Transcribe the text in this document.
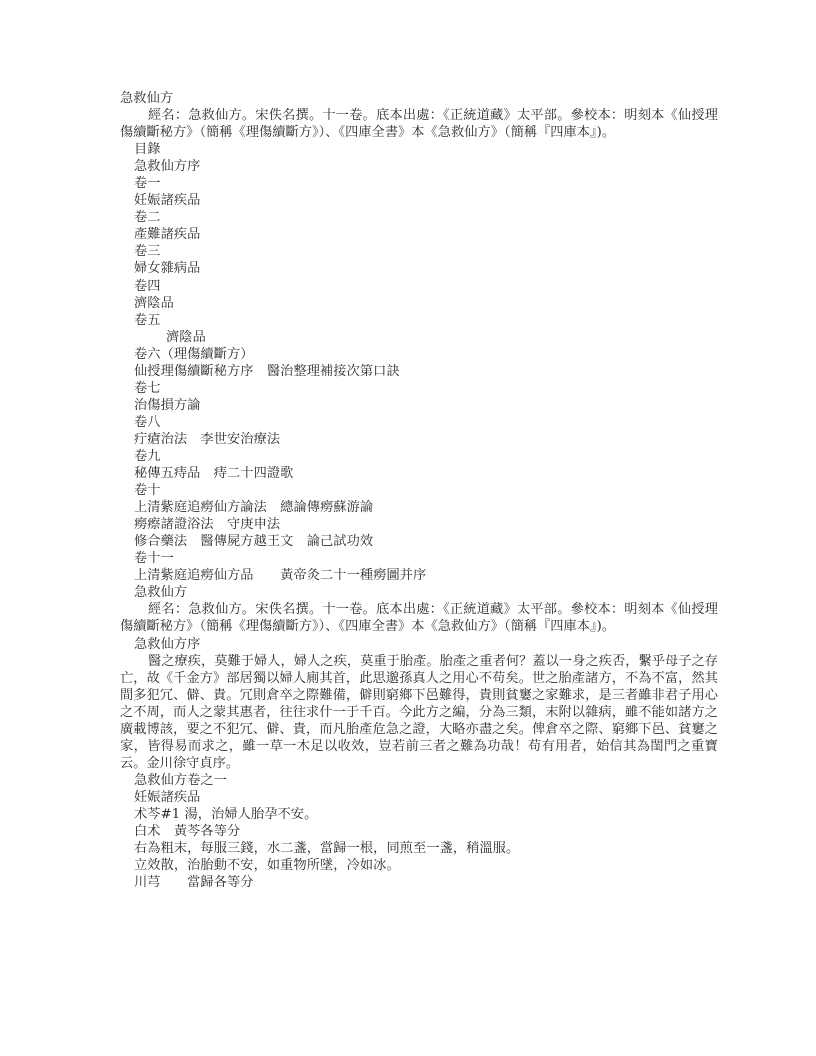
急救仙方
經名：急救仙方。宋佚名撰。十一卷。底本出處：《正統道藏》太平部。參校本：明刻本《仙授理傷續斷秘方》（簡稱《理傷續斷方》）、《四庫全書》本《急救仙方》（簡稱『四庫本』)。
目錄
急救仙方序
卷一
妊娠諸疾品
卷二
產難諸疾品
卷三
婦女雜病品
卷四
濟陰品
卷五
濟陰品
卷六（理傷續斷方）
仙授理傷續斷秘方序　醫治整理補接次第口訣
卷七
治傷損方論
卷八
疔瘡治法　李世安治療法
卷九
秘傳五痔品　痔二十四證歌
卷十
上清紫庭追癆仙方論法　總論傳癆蘇游論
癆瘵諸證浴法　守庚申法
修合藥法　醫傳屍方越王文　論己試功效
卷十一
上清紫庭追癆仙方品　　黃帝灸二十一種癆圖并序
急救仙方
經名：急救仙方。宋佚名撰。十一卷。底本出處：《正統道藏》太平部。參校本：明刻本《仙授理傷續斷秘方》（簡稱《理傷續斷方》）、《四庫全書》本《急救仙方》（簡稱『四庫本』)。
急救仙方序
醫之療疾，莫難于婦人，婦人之疾，莫重于胎產。胎產之重者何？蓋以一身之疾否，繫乎母子之存亡，故《千金方》部居獨以婦人廁其首，此思邈孫真人之用心不苟矣。世之胎產諸方，不為不富，然其間多犯冗、僻、貴。冗則倉卒之際難備，僻則窮鄉下邑難得，貴則貧窶之家難求，是三者雖非君子用心之不周，而人之蒙其惠者，往往求什一于千百。今此方之編，分為三類，末附以雜病，雖不能如諸方之廣載博該，要之不犯冗、僻、貴，而凡胎產危急之證，大略亦盡之矣。俾倉卒之際、窮鄉下邑、貧窶之家，皆得易而求之，雖一草一木足以收效，豈若前三者之難為功哉！苟有用者，始信其為閨門之重寶云。金川徐守貞序。
急救仙方卷之一
妊娠諸疾品
术芩#1 湯，治婦人胎孕不安。
白术　黃芩各等分
右為粗末，每服三錢，水二盞，當歸一根，同煎至一盞，稍溫服。
立效散，治胎動不安，如重物所墜，冷如冰。
川芎　　當歸各等分
